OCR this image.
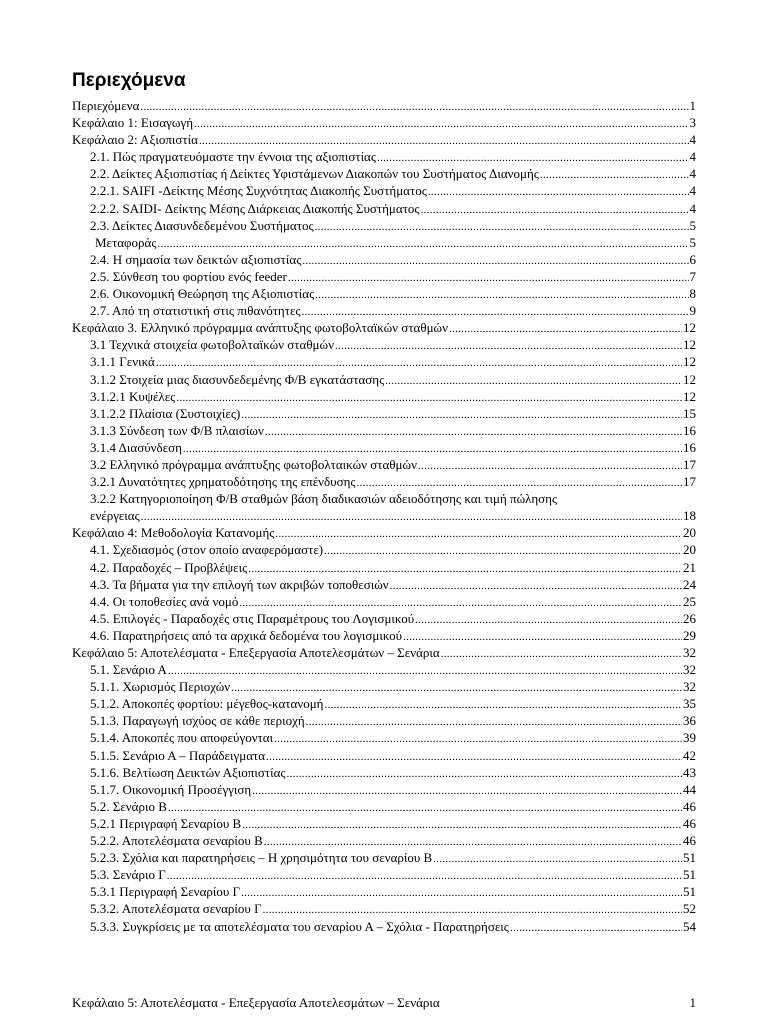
Περιεχόμενα
Περιεχόμενα .....	1
Κεφάλαιο 1: Εισαγωγή .....	3
Κεφάλαιο 2: Αξιοπιστία .....	4
2.1. Πώς πραγματευόμαστε την έννοια της αξιοπιστίας .....	4
2.2. Δείκτες Αξιοπιστίας ή Δείκτες Υφιστάμενων Διακοπών του Συστήματος Διανομής .....	4
2.2.1. SAIFI -Δείκτης Μέσης Συχνότητας Διακοπής Συστήματος .....	4
2.2.2. SAIDI- Δείκτης Μέσης Διάρκειας Διακοπής Συστήματος .....	4
2.3. Δείκτες Διασυνδεδεμένου Συστήματος .....	5
Μεταφοράς .....	5
2.4. Η σημασία των δεικτών αξιοπιστίας .....	6
2.5. Σύνθεση του φορτίου ενός feeder .....	7
2.6. Οικονομική Θεώρηση της Αξιοπιστίας .....	8
2.7. Από τη στατιστική στις πιθανότητες .....	9
Κεφάλαιο 3. Ελληνικό πρόγραμμα ανάπτυξης φωτοβολταϊκών σταθμών .....	12
3.1 Τεχνικά στοιχεία φωτοβολταϊκών σταθμών .....	12
3.1.1 Γενικά .....	12
3.1.2 Στοιχεία μιας διασυνδεδεμένης Φ/Β εγκατάστασης .....	12
3.1.2.1 Κυψέλες .....	12
3.1.2.2 Πλαίσια (Συστοιχίες) .....	15
3.1.3 Σύνδεση των Φ/Β πλαισίων .....	16
3.1.4 Διασύνδεση .....	16
3.2 Ελληνικό πρόγραμμα ανάπτυξης φωτοβολταικών σταθμών .....	17
3.2.1 Δυνατότητες χρηματοδότησης της επένδυσης .....	17
3.2.2 Κατηγοριοποίηση Φ/Β σταθμών βάση διαδικασιών αδειοδότησης και τιμή πώλησης
ενέργειας .....	18
Κεφάλαιο 4: Μεθοδολογία Κατανομής .....	20
4.1. Σχεδιασμός (στον οποίο αναφερόμαστε) .....	20
4.2. Παραδοχές – Προβλέψεις .....	21
4.3. Τα βήματα για την επιλογή των ακριβών τοποθεσιών .....	24
4.4. Οι τοποθεσίες ανά νομό .....	25
4.5. Επιλογές - Παραδοχές στις Παραμέτρους του Λογισμικού .....	26
4.6. Παρατηρήσεις από τα αρχικά δεδομένα του λογισμικού .....	29
Κεφάλαιο 5: Αποτελέσματα - Επεξεργασία Αποτελεσμάτων – Σενάρια .....	32
5.1. Σενάριο Α .....	32
5.1.1. Χωρισμός Περιοχών .....	32
5.1.2. Αποκοπές φορτίου: μέγεθος-κατανομή .....	35
5.1.3. Παραγωγή ισχύος σε κάθε περιοχή .....	36
5.1.4. Αποκοπές που αποφεύγονται .....	39
5.1.5. Σενάριο Α – Παράδειγματα .....	42
5.1.6. Βελτίωση Δεικτών Αξιοπιστίας .....	43
5.1.7. Οικονομική Προσέγγιση .....	44
5.2. Σενάριο Β .....	46
5.2.1 Περιγραφή Σεναρίου Β .....	46
5.2.2. Αποτελέσματα σεναρίου Β .....	46
5.2.3. Σχόλια και παρατηρήσεις – Η χρησιμότητα του σεναρίου Β .....	51
5.3. Σενάριο Γ .....	51
5.3.1 Περιγραφή Σεναρίου Γ .....	51
5.3.2. Αποτελέσματα σεναρίου Γ .....	52
5.3.3. Συγκρίσεις με τα αποτελέσματα του σεναρίου Α – Σχόλια - Παρατηρήσεις .....	54
Κεφάλαιο 5: Αποτελέσματα - Επεξεργασία Αποτελεσμάτων – Σενάρια	1
